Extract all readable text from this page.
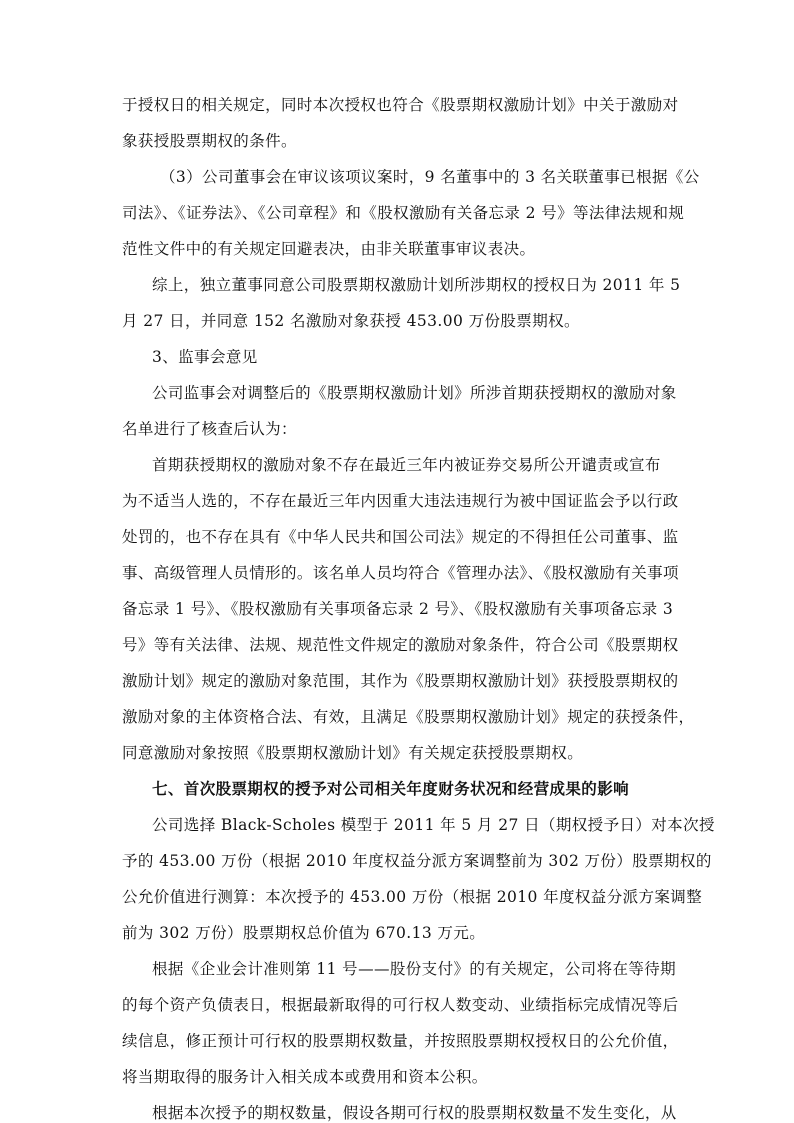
于授权日的相关规定，同时本次授权也符合《股票期权激励计划》中关于激励对
象获授股票期权的条件。
（3）公司董事会在审议该项议案时，9 名董事中的 3 名关联董事已根据《公
司法》、《证券法》、《公司章程》和《股权激励有关备忘录 2 号》等法律法规和规
范性文件中的有关规定回避表决，由非关联董事审议表决。
综上，独立董事同意公司股票期权激励计划所涉期权的授权日为 2011 年 5
月 27 日，并同意 152 名激励对象获授 453.00 万份股票期权。
3、监事会意见
公司监事会对调整后的《股票期权激励计划》所涉首期获授期权的激励对象
名单进行了核查后认为：
首期获授期权的激励对象不存在最近三年内被证券交易所公开谴责或宣布
为不适当人选的，不存在最近三年内因重大违法违规行为被中国证监会予以行政
处罚的，也不存在具有《中华人民共和国公司法》规定的不得担任公司董事、监
事、高级管理人员情形的。该名单人员均符合《管理办法》、《股权激励有关事项
备忘录 1 号》、《股权激励有关事项备忘录 2 号》、《股权激励有关事项备忘录 3
号》等有关法律、法规、规范性文件规定的激励对象条件，符合公司《股票期权
激励计划》规定的激励对象范围，其作为《股票期权激励计划》获授股票期权的
激励对象的主体资格合法、有效，且满足《股票期权激励计划》规定的获授条件，
同意激励对象按照《股票期权激励计划》有关规定获授股票期权。
七、首次股票期权的授予对公司相关年度财务状况和经营成果的影响
公司选择 Black-Scholes 模型于 2011 年 5 月 27 日（期权授予日）对本次授
予的 453.00 万份（根据 2010 年度权益分派方案调整前为 302 万份）股票期权的
公允价值进行测算：本次授予的 453.00 万份（根据 2010 年度权益分派方案调整
前为 302 万份）股票期权总价值为 670.13 万元。
根据《企业会计准则第 11 号——股份支付》的有关规定，公司将在等待期
的每个资产负债表日，根据最新取得的可行权人数变动、业绩指标完成情况等后
续信息，修正预计可行权的股票期权数量，并按照股票期权授权日的公允价值，
将当期取得的服务计入相关成本或费用和资本公积。
根据本次授予的期权数量，假设各期可行权的股票期权数量不发生变化，从
